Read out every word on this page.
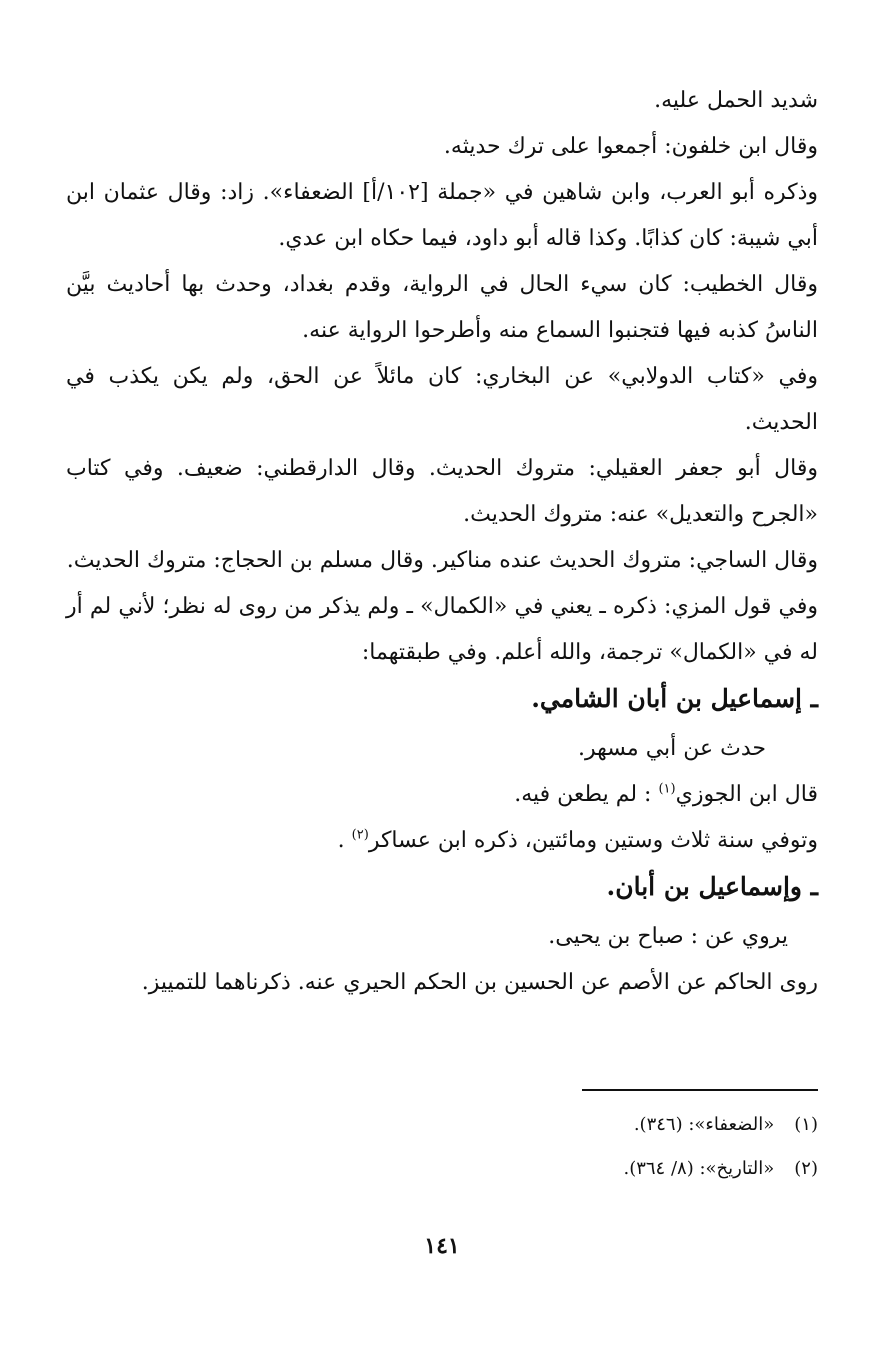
شديد الحمل عليه.

وقال ابن خلفون: أجمعوا على ترك حديثه.

وذكره أبو العرب، وابن شاهين في «جملة [١٠٢/أ] الضعفاء». زاد: وقال عثمان ابن أبي شيبة: كان كذابًا. وكذا قاله أبو داود، فيما حكاه ابن عدي.

وقال الخطيب: كان سيء الحال في الرواية، وقدم بغداد، وحدث بها أحاديث بيَّن الناسُ كذبه فيها فتجنبوا السماع منه وأطرحوا الرواية عنه.

وفي «كتاب الدولابي» عن البخاري: كان مائلاً عن الحق، ولم يكن يكذب في الحديث.

وقال أبو جعفر العقيلي: متروك الحديث. وقال الدارقطني: ضعيف. وفي كتاب «الجرح والتعديل» عنه: متروك الحديث.

وقال الساجي: متروك الحديث عنده مناكير. وقال مسلم بن الحجاج: متروك الحديث.

وفي قول المزي: ذكره ـ يعني في «الكمال» ـ ولم يذكر من روى له نظر؛ لأني لم أر له في «الكمال» ترجمة، والله أعلم. وفي طبقتهما:

ـ إسماعيل بن أبان الشامي.

حدث عن أبي مسهر.

قال ابن الجوزي$^{(١)}$ : لم يطعن فيه.

وتوفي سنة ثلاث وستين ومائتين، ذكره ابن عساكر$^{(٢)}$ .

ـ وإسماعيل بن أبان.

يروي عن : صباح بن يحيى.

روى الحاكم عن الأصم عن الحسين بن الحكم الحيري عنه. ذكرناهما للتمييز.

(١) «الضعفاء»: (٣٤٦).
(٢) «التاريخ»: (٨/ ٣٦٤).
١٤١
